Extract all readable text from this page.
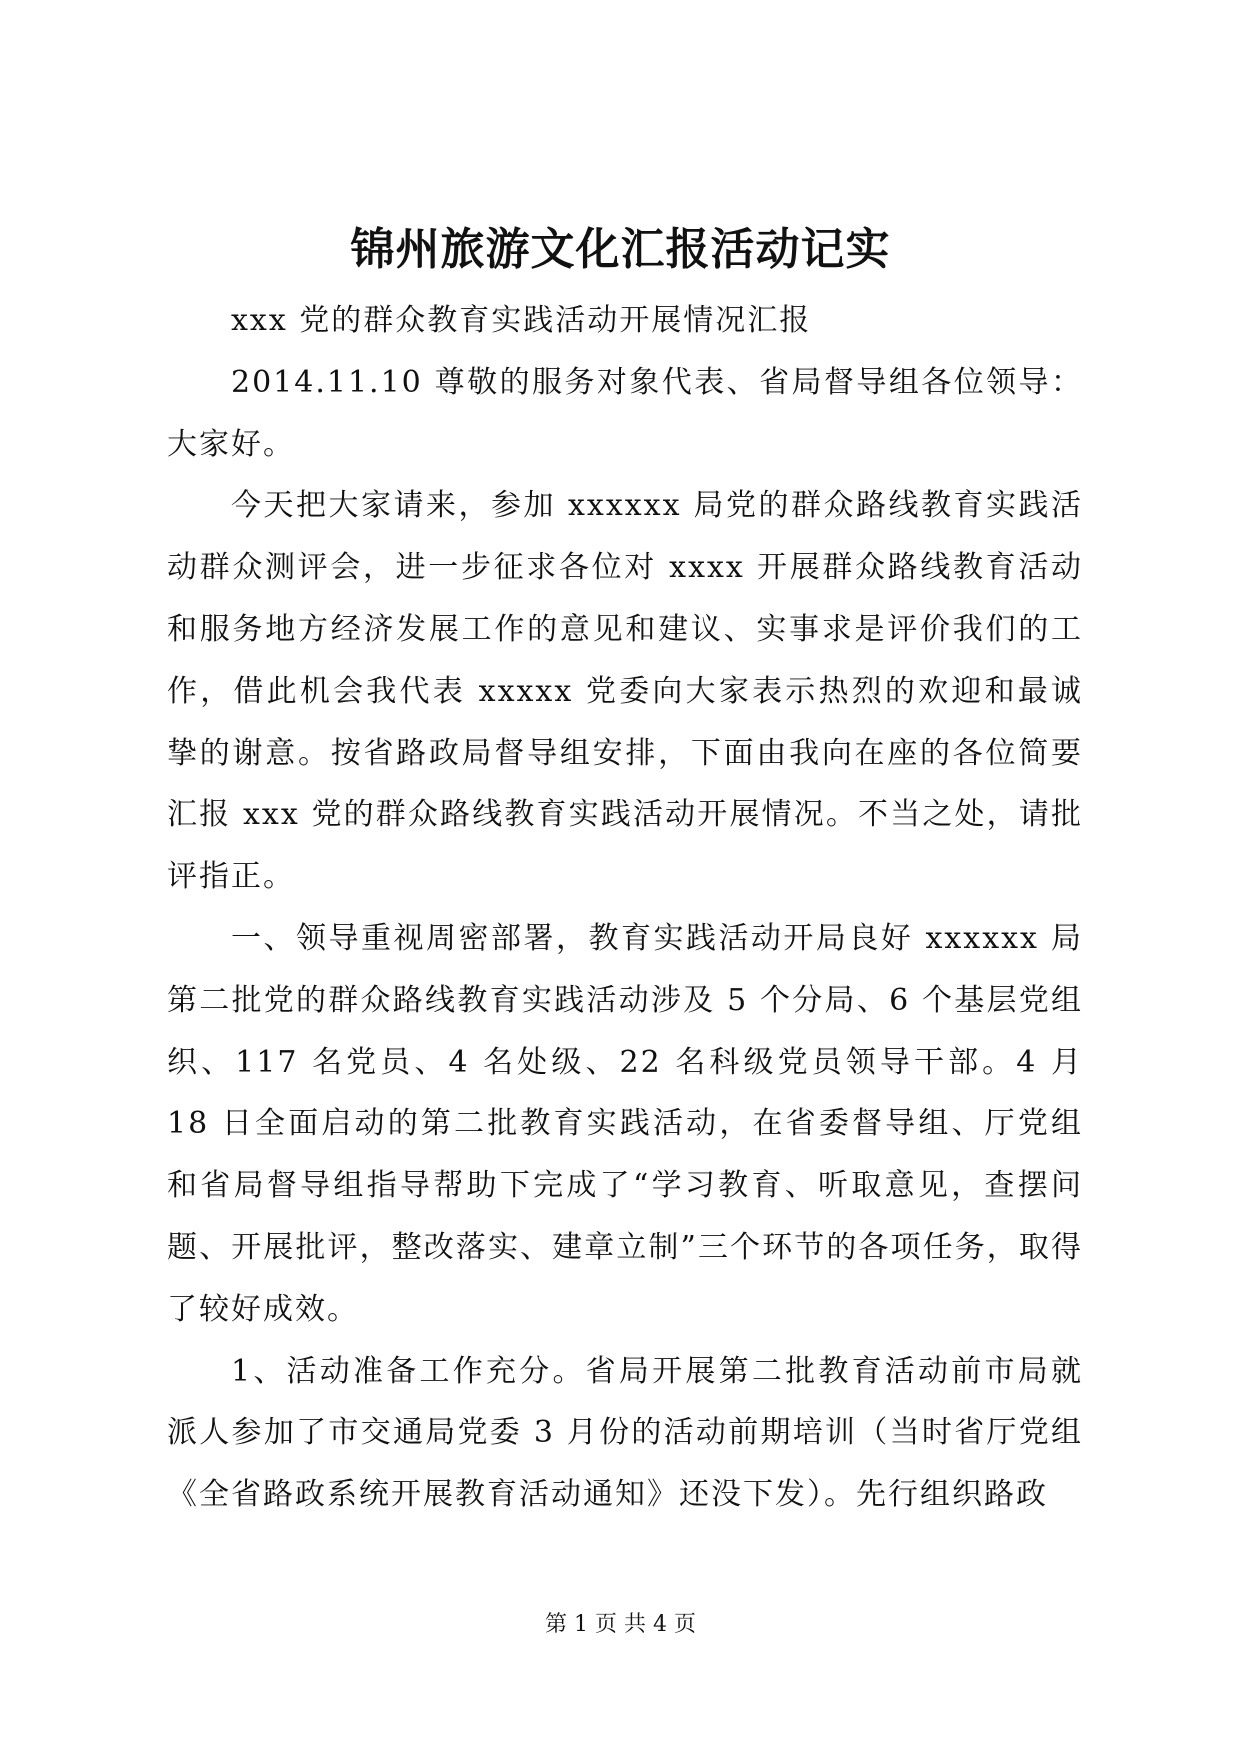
锦州旅游文化汇报活动记实

xxx 党的群众教育实践活动开展情况汇报

2014.11.10 尊敬的服务对象代表、省局督导组各位领导：大家好。

今天把大家请来，参加 xxxxxx 局党的群众路线教育实践活动群众测评会，进一步征求各位对 xxxx 开展群众路线教育活动和服务地方经济发展工作的意见和建议、实事求是评价我们的工作，借此机会我代表 xxxxx 党委向大家表示热烈的欢迎和最诚挚的谢意。按省路政局督导组安排，下面由我向在座的各位简要汇报 xxx 党的群众路线教育实践活动开展情况。不当之处，请批评指正。

一、领导重视周密部署，教育实践活动开局良好 xxxxxx 局第二批党的群众路线教育实践活动涉及 5 个分局、6 个基层党组织、117 名党员、4 名处级、22 名科级党员领导干部。4 月 18 日全面启动的第二批教育实践活动，在省委督导组、厅党组和省局督导组指导帮助下完成了“学习教育、听取意见，查摆问题、开展批评，整改落实、建章立制”三个环节的各项任务，取得了较好成效。

1、活动准备工作充分。省局开展第二批教育活动前市局就派人参加了市交通局党委 3 月份的活动前期培训（当时省厅党组《全省路政系统开展教育活动通知》还没下发）。先行组织路政

第 1 页 共 4 页
